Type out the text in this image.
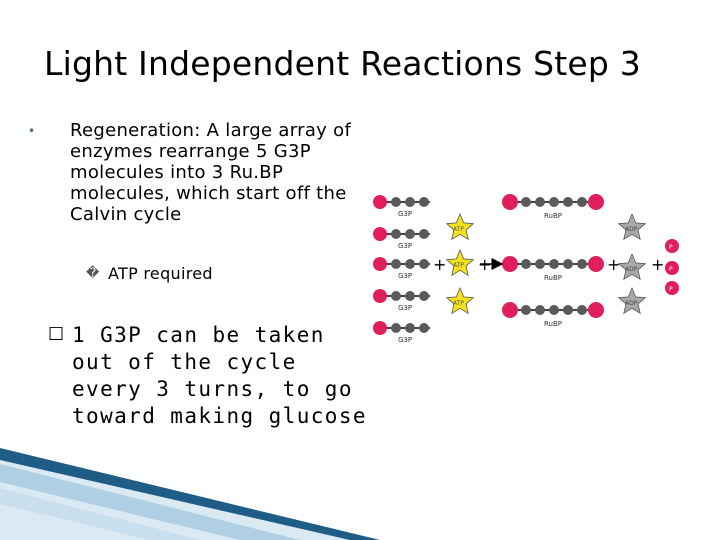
Light Independent Reactions Step 3
• Regeneration: A large array of enzymes rearrange 5 G3P molecules into 3 Ru.BP molecules, which start off the Calvin cycle
� ATP required
☐ 1 G3P can be taken out of the cycle every 3 turns, to go toward making glucose
G3P
G3P
G3P
G3P
G3P
ATP
ATP
ATP
RuBP
RuBP
RuBP
ADP
ADP
ADP
P
P
P
+ +	+ +
